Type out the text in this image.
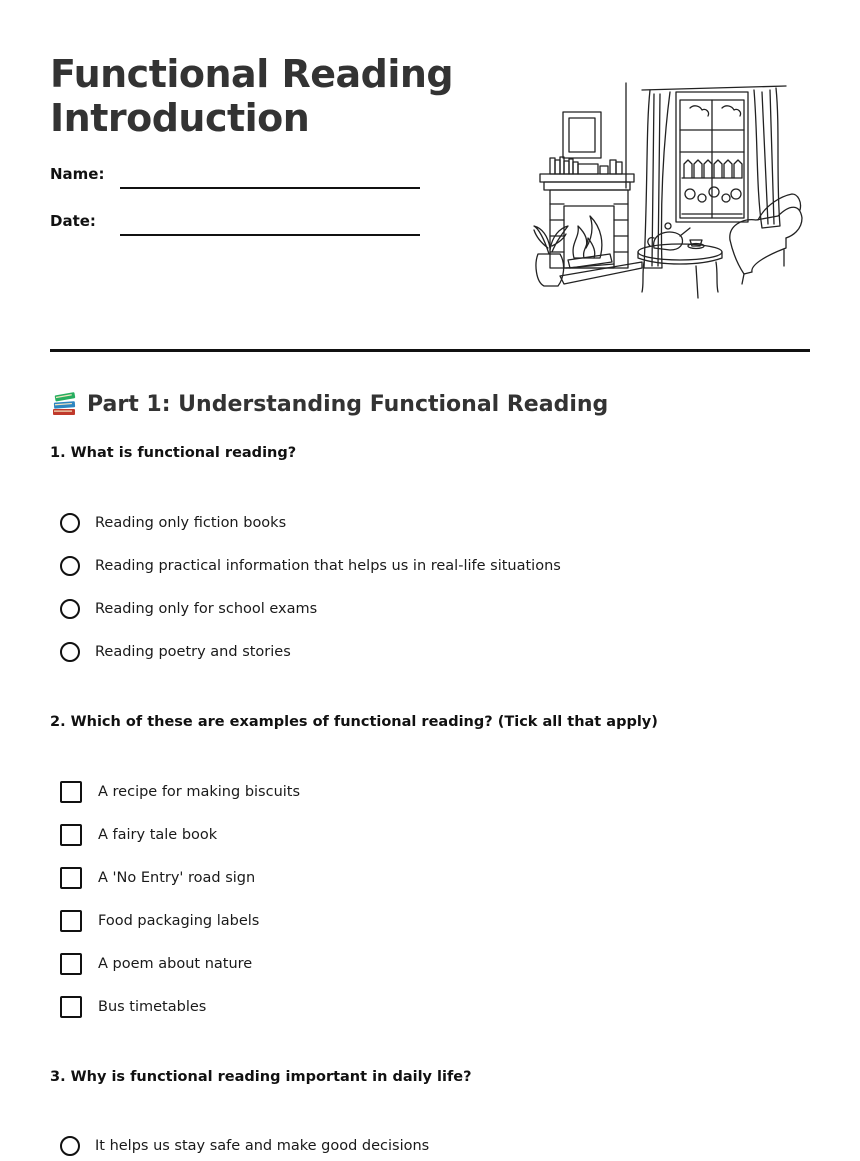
Functional Reading
Introduction
Name:
Date:
Part 1: Understanding Functional Reading
1. What is functional reading?
Reading only fiction books
Reading practical information that helps us in real-life situations
Reading only for school exams
Reading poetry and stories
2. Which of these are examples of functional reading? (Tick all that apply)
A recipe for making biscuits
A fairy tale book
A 'No Entry' road sign
Food packaging labels
A poem about nature
Bus timetables
3. Why is functional reading important in daily life?
It helps us stay safe and make good decisions
